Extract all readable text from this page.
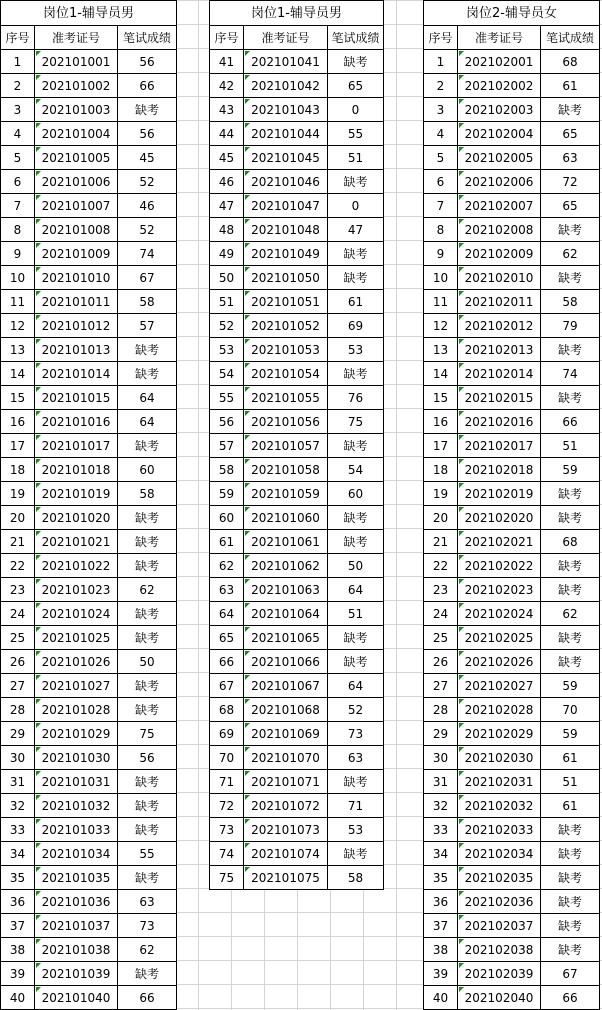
岗位1-辅导员男		
序号	准考证号	笔试成绩
1	202101001	56
2	202101002	66
3	202101003	缺考
4	202101004	56
5	202101005	45
6	202101006	52
7	202101007	46
8	202101008	52
9	202101009	74
10	202101010	67
11	202101011	58
12	202101012	57
13	202101013	缺考
14	202101014	缺考
15	202101015	64
16	202101016	64
17	202101017	缺考
18	202101018	60
19	202101019	58
20	202101020	缺考
21	202101021	缺考
22	202101022	缺考
23	202101023	62
24	202101024	缺考
25	202101025	缺考
26	202101026	50
27	202101027	缺考
28	202101028	缺考
29	202101029	75
30	202101030	56
31	202101031	缺考
32	202101032	缺考
33	202101033	缺考
34	202101034	55
35	202101035	缺考
36	202101036	63
37	202101037	73
38	202101038	62
39	202101039	缺考
40	202101040	66
岗位1-辅导员男		
序号	准考证号	笔试成绩
41	202101041	缺考
42	202101042	65
43	202101043	0
44	202101044	55
45	202101045	51
46	202101046	缺考
47	202101047	0
48	202101048	47
49	202101049	缺考
50	202101050	缺考
51	202101051	61
52	202101052	69
53	202101053	53
54	202101054	缺考
55	202101055	76
56	202101056	75
57	202101057	缺考
58	202101058	54
59	202101059	60
60	202101060	缺考
61	202101061	缺考
62	202101062	50
63	202101063	64
64	202101064	51
65	202101065	缺考
66	202101066	缺考
67	202101067	64
68	202101068	52
69	202101069	73
70	202101070	63
71	202101071	缺考
72	202101072	71
73	202101073	53
74	202101074	缺考
75	202101075	58
岗位2-辅导员女		
序号	准考证号	笔试成绩
1	202102001	68
2	202102002	61
3	202102003	缺考
4	202102004	65
5	202102005	63
6	202102006	72
7	202102007	65
8	202102008	缺考
9	202102009	62
10	202102010	缺考
11	202102011	58
12	202102012	79
13	202102013	缺考
14	202102014	74
15	202102015	缺考
16	202102016	66
17	202102017	51
18	202102018	59
19	202102019	缺考
20	202102020	缺考
21	202102021	68
22	202102022	缺考
23	202102023	缺考
24	202102024	62
25	202102025	缺考
26	202102026	缺考
27	202102027	59
28	202102028	70
29	202102029	59
30	202102030	61
31	202102031	51
32	202102032	61
33	202102033	缺考
34	202102034	缺考
35	202102035	缺考
36	202102036	缺考
37	202102037	缺考
38	202102038	缺考
39	202102039	67
40	202102040	66
